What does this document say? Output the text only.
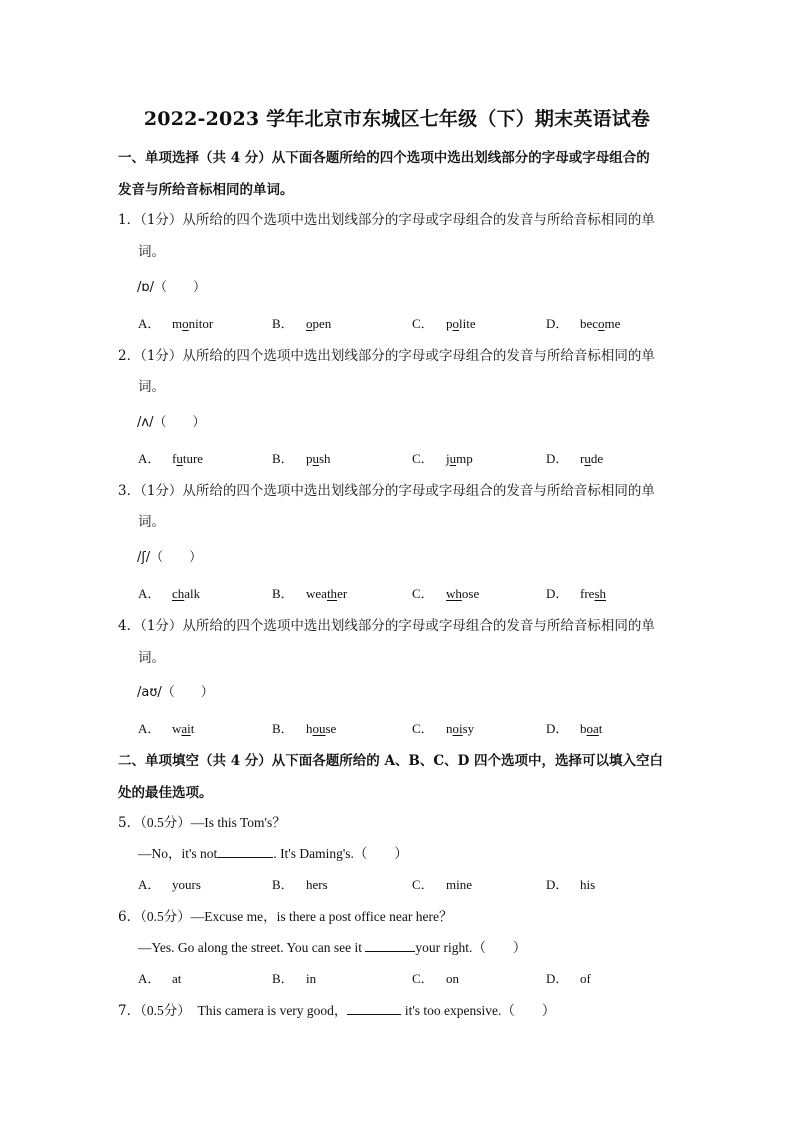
2022-2023 学年北京市东城区七年级（下）期末英语试卷
一、单项选择（共 4 分）从下面各题所给的四个选项中选出划线部分的字母或字母组合的
发音与所给音标相同的单词。
1．（1分）从所给的四个选项中选出划线部分的字母或字母组合的发音与所给音标相同的单
词。
/ɒ/（　　）
A． monitor	B． open	C． polite	D． become
2．（1分）从所给的四个选项中选出划线部分的字母或字母组合的发音与所给音标相同的单
词。
/ʌ/（　　）
A． future	B． push	C． jump	D． rude
3．（1分）从所给的四个选项中选出划线部分的字母或字母组合的发音与所给音标相同的单
词。
/ʃ/（　　）
A． chalk	B． weather	C． whose	D． fresh
4．（1分）从所给的四个选项中选出划线部分的字母或字母组合的发音与所给音标相同的单
词。
/aʊ/（　　）
A． wait	B． house	C． noisy	D． boat
二、单项填空（共 4 分）从下面各题所给的 A、B、C、D 四个选项中，选择可以填入空白
处的最佳选项。
5．（0.5分）—Is this Tom's？
—No，it's not	. It's Daming's.（　　）
A． yours	B． hers	C． mine	D． his
6．（0.5分）—Excuse me，is there a post office near here？
—Yes. Go along the street. You can see it	your right.（　　）
A． at	B． in	C． on	D． of
7．（0.5分）　This camera is very good，	it's too expensive.（　　）
